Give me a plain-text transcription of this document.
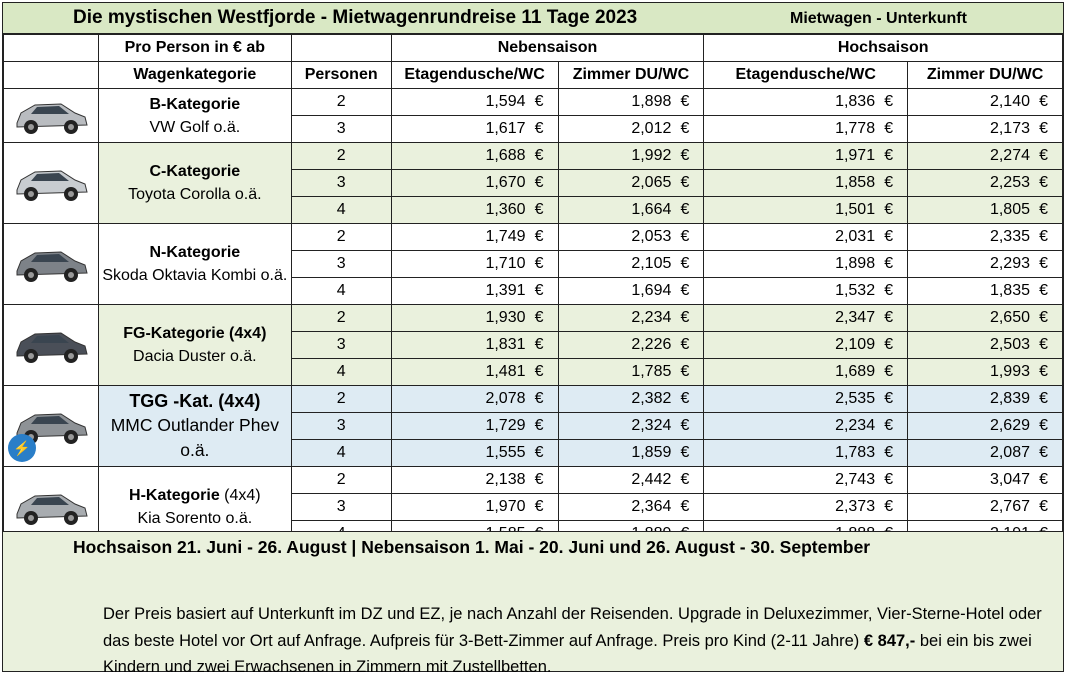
Die mystischen Westfjorde - Mietwagenrundreise 11 Tage 2023	Mietwagen - Unterkunft
	Pro Person in € ab		Nebensaison		Hochsaison	
	Wagenkategorie	Personen	Etagendusche/WC	Zimmer DU/WC	Etagendusche/WC	Zimmer DU/WC

B-Kategorie
VW Golf o.ä.	2	1,594 €	1,898 €	1,836 €	2,140 €
		3	1,617 €	2,012 €	1,778 €	2,173 €

C-Kategorie
Toyota Corolla o.ä.	2	1,688 €	1,992 €	1,971 €	2,274 €
		3	1,670 €	2,065 €	1,858 €	2,253 €
		4	1,360 €	1,664 €	1,501 €	1,805 €

N-Kategorie
Skoda Oktavia Kombi o.ä.	2	1,749 €	2,053 €	2,031 €	2,335 €
		3	1,710 €	2,105 €	1,898 €	2,293 €
		4	1,391 €	1,694 €	1,532 €	1,835 €

FG-Kategorie (4x4)
Dacia Duster o.ä.	2	1,930 €	2,234 €	2,347 €	2,650 €
		3	1,831 €	2,226 €	2,109 €	2,503 €
		4	1,481 €	1,785 €	1,689 €	1,993 €

⚡	TGG -Kat. (4x4)
MMC Outlander Phev o.ä.	2	2,078 €	2,382 €	2,535 €	2,839 €
		3	1,729 €	2,324 €	2,234 €	2,629 €
		4	1,555 €	1,859 €	1,783 €	2,087 €

H-Kategorie (4x4)
Kia Sorento o.ä.	2	2,138 €	2,442 €	2,743 €	3,047 €
		3	1,970 €	2,364 €	2,373 €	2,767 €

Hochsaison 21. Juni - 26. August | Nebensaison 1. Mai - 20. Juni und 26. August - 30. September
Der Preis basiert auf Unterkunft im DZ und EZ, je nach Anzahl der Reisenden. Upgrade in Deluxezimmer, Vier-Sterne-Hotel oder das beste Hotel vor Ort auf Anfrage. Aufpreis für 3-Bett-Zimmer auf Anfrage. Preis pro Kind (2-11 Jahre) € 847,- bei ein bis zwei Kindern und zwei Erwachsenen in Zimmern mit Zustellbetten.
